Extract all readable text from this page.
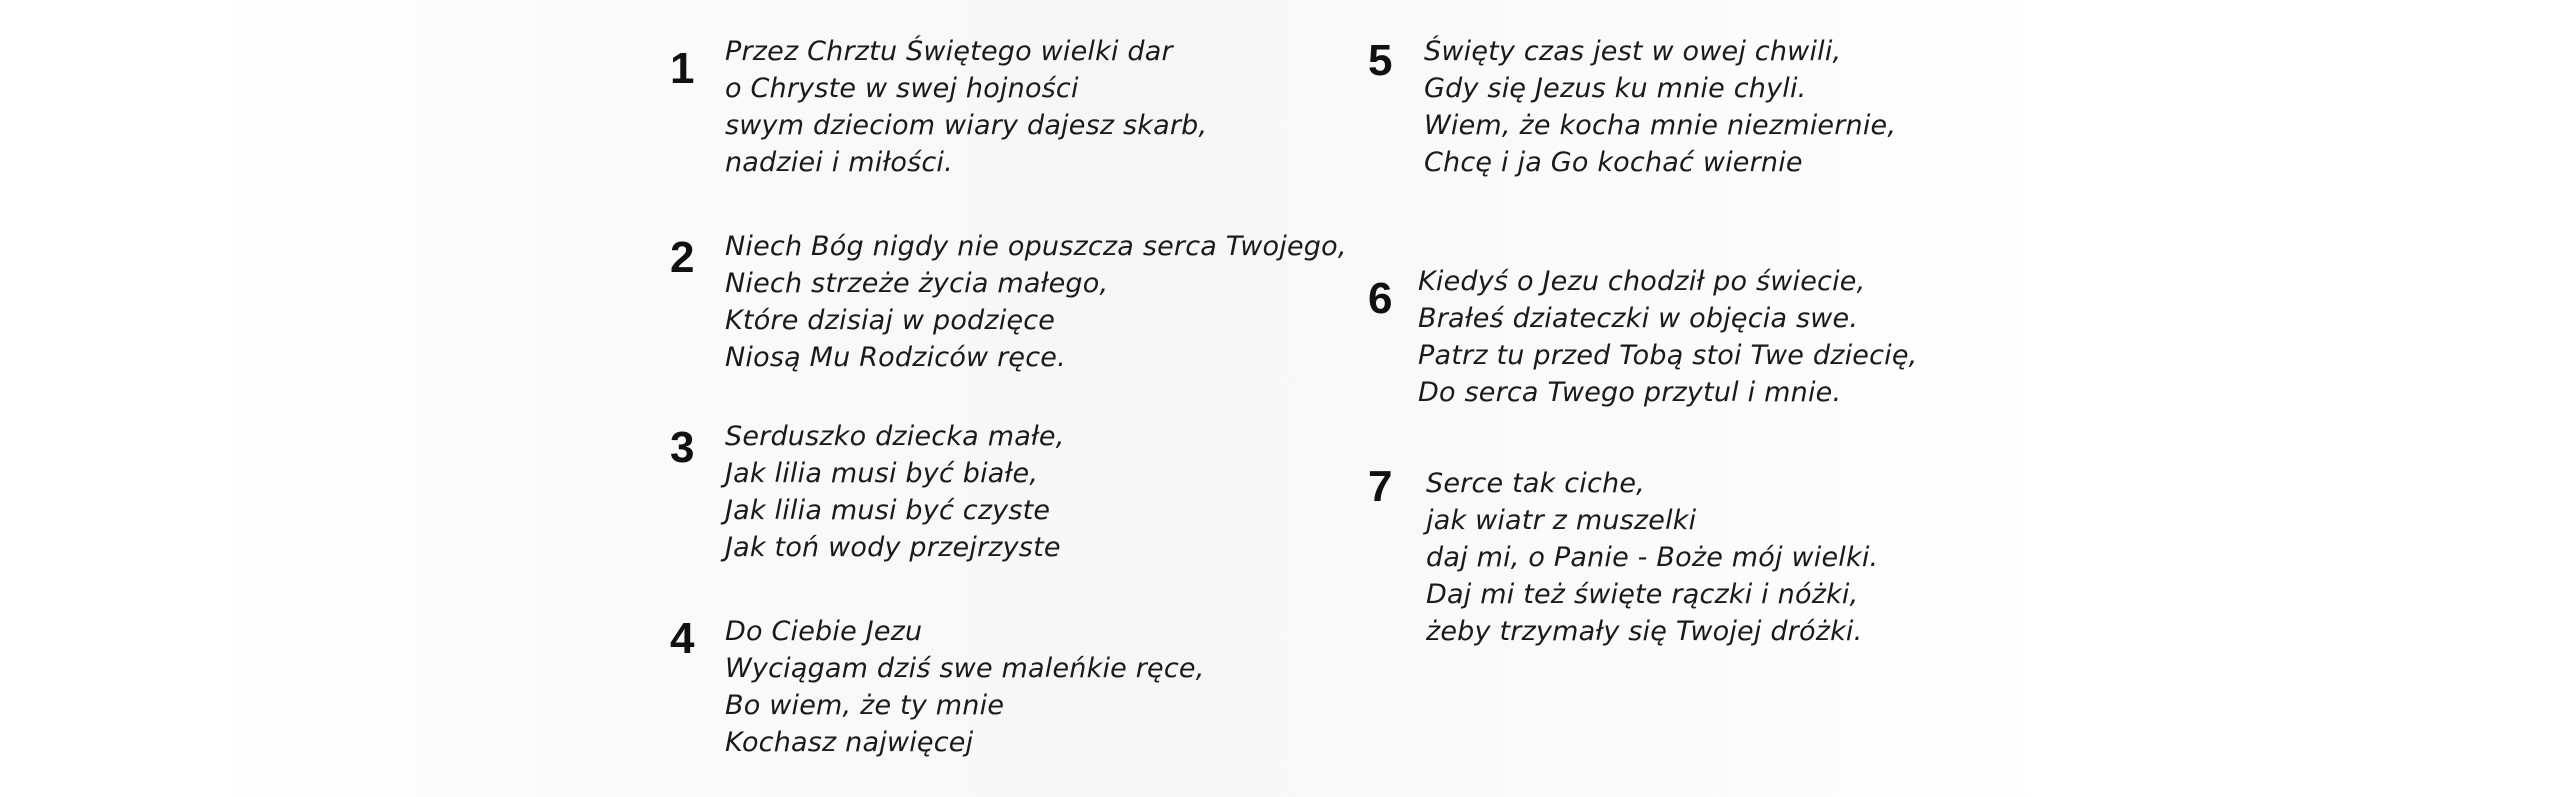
1 Przez Chrztu Świętego wielki dar
o Chryste w swej hojności
swym dzieciom wiary dajesz skarb,
nadziei i miłości.
2 Niech Bóg nigdy nie opuszcza serca Twojego,
Niech strzeże życia małego,
Które dzisiaj w podzięce
Niosą Mu Rodziców ręce.
3 Serduszko dziecka małe,
Jak lilia musi być białe,
Jak lilia musi być czyste
Jak toń wody przejrzyste
4 Do Ciebie Jezu
Wyciągam dziś swe maleńkie ręce,
Bo wiem, że ty mnie
Kochasz najwięcej
5 Święty czas jest w owej chwili,
Gdy się Jezus ku mnie chyli.
Wiem, że kocha mnie niezmiernie,
Chcę i ja Go kochać wiernie
6 Kiedyś o Jezu chodził po świecie,
Brałeś dziateczki w objęcia swe.
Patrz tu przed Tobą stoi Twe dziecię,
Do serca Twego przytul i mnie.
7 Serce tak ciche,
jak wiatr z muszelki
daj mi, o Panie - Boże mój wielki.
Daj mi też święte rączki i nóżki,
żeby trzymały się Twojej dróżki.
